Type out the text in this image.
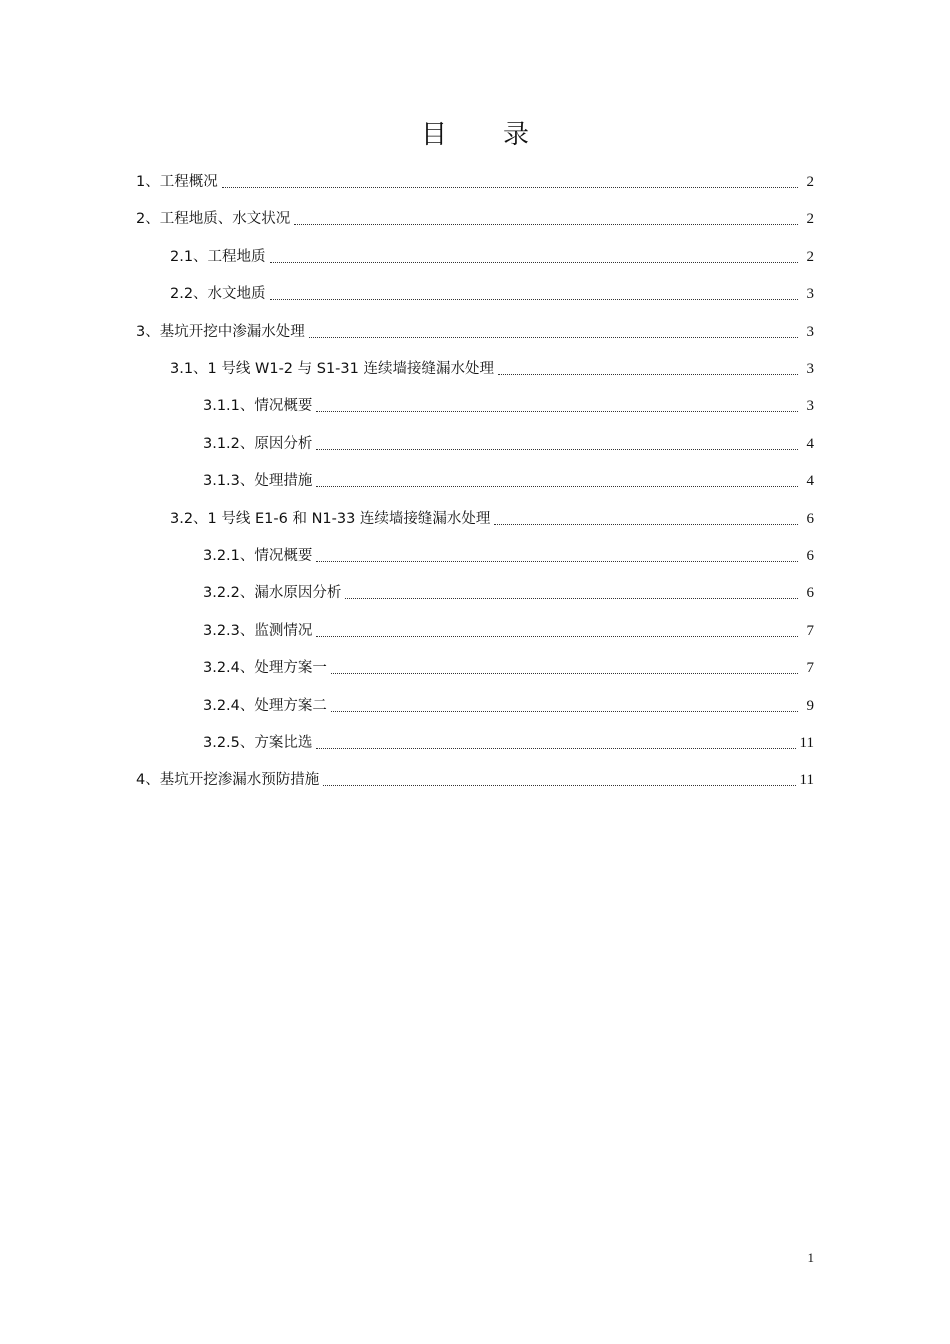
目 录
1、工程概况	2
2、工程地质、水文状况	2
2.1、工程地质	2
2.2、水文地质	3
3、基坑开挖中渗漏水处理	3
3.1、1 号线 W1-2 与 S1-31 连续墙接缝漏水处理	3
3.1.1、情况概要	3
3.1.2、原因分析	4
3.1.3、处理措施	4
3.2、1 号线 E1-6 和 N1-33 连续墙接缝漏水处理	6
3.2.1、情况概要	6
3.2.2、漏水原因分析	6
3.2.3、监测情况	7
3.2.4、处理方案一	7
3.2.4、处理方案二	9
3.2.5、方案比选	11
4、基坑开挖渗漏水预防措施	11
1
